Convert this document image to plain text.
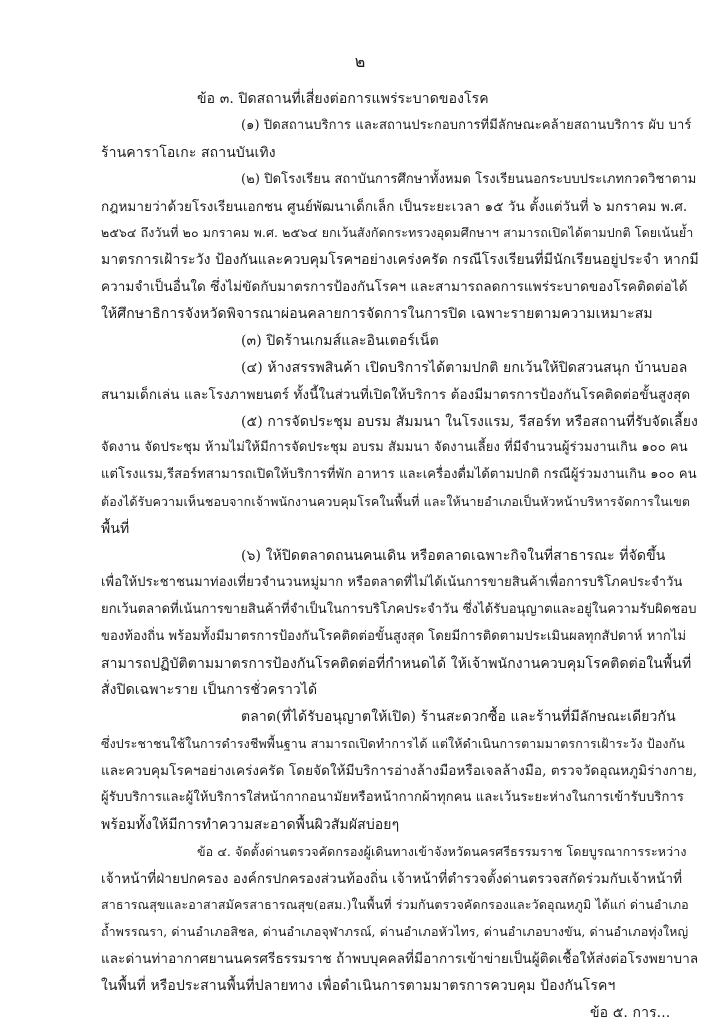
๒
ข้อ ๓. ปิดสถานที่เสี่ยงต่อการแพร่ระบาดของโรค
(๑) ปิดสถานบริการ และสถานประกอบการที่มีลักษณะคล้ายสถานบริการ ผับ บาร์
ร้านคาราโอเกะ สถานบันเทิง
(๒) ปิดโรงเรียน สถาบันการศึกษาทั้งหมด โรงเรียนนอกระบบประเภทกวดวิชาตาม
กฎหมายว่าด้วยโรงเรียนเอกชน ศูนย์พัฒนาเด็กเล็ก เป็นระยะเวลา ๑๕ วัน ตั้งแต่วันที่ ๖ มกราคม พ.ศ.
๒๕๖๔ ถึงวันที่ ๒๐ มกราคม พ.ศ. ๒๕๖๔ ยกเว้นสังกัดกระทรวงอุดมศึกษาฯ สามารถเปิดได้ตามปกติ โดยเน้นย้ำ
มาตรการเฝ้าระวัง ป้องกันและควบคุมโรคฯอย่างเคร่งครัด กรณีโรงเรียนที่มีนักเรียนอยู่ประจำ หากมี
ความจำเป็นอื่นใด ซึ่งไม่ขัดกับมาตรการป้องกันโรคฯ และสามารถลดการแพร่ระบาดของโรคติดต่อได้
ให้ศึกษาธิการจังหวัดพิจารณาผ่อนคลายการจัดการในการปิด เฉพาะรายตามความเหมาะสม
(๓) ปิดร้านเกมส์และอินเตอร์เน็ต
(๔) ห้างสรรพสินค้า เปิดบริการได้ตามปกติ ยกเว้นให้ปิดสวนสนุก บ้านบอล
สนามเด็กเล่น และโรงภาพยนตร์ ทั้งนี้ในส่วนที่เปิดให้บริการ ต้องมีมาตรการป้องกันโรคติดต่อขั้นสูงสุด
(๕) การจัดประชุม อบรม สัมมนา ในโรงแรม, รีสอร์ท หรือสถานที่รับจัดเลี้ยง
จัดงาน จัดประชุม ห้ามไม่ให้มีการจัดประชุม อบรม สัมมนา จัดงานเลี้ยง ที่มีจำนวนผู้ร่วมงานเกิน ๑๐๐ คน
แต่โรงแรม,รีสอร์ทสามารถเปิดให้บริการที่พัก อาหาร และเครื่องดื่มได้ตามปกติ กรณีผู้ร่วมงานเกิน ๑๐๐ คน
ต้องได้รับความเห็นชอบจากเจ้าพนักงานควบคุมโรคในพื้นที่ และให้นายอำเภอเป็นหัวหน้าบริหารจัดการในเขต
พื้นที่
(๖) ให้ปิดตลาดถนนคนเดิน หรือตลาดเฉพาะกิจในที่สาธารณะ ที่จัดขึ้น
เพื่อให้ประชาชนมาท่องเที่ยวจำนวนหมู่มาก หรือตลาดที่ไม่ได้เน้นการขายสินค้าเพื่อการบริโภคประจำวัน
ยกเว้นตลาดที่เน้นการขายสินค้าที่จำเป็นในการบริโภคประจำวัน ซึ่งได้รับอนุญาตและอยู่ในความรับผิดชอบ
ของท้องถิ่น พร้อมทั้งมีมาตรการป้องกันโรคติดต่อขั้นสูงสุด โดยมีการติดตามประเมินผลทุกสัปดาห์ หากไม่
สามารถปฏิบัติตามมาตรการป้องกันโรคติดต่อที่กำหนดได้ ให้เจ้าพนักงานควบคุมโรคติดต่อในพื้นที่
สั่งปิดเฉพาะราย เป็นการชั่วคราวได้
ตลาด(ที่ได้รับอนุญาตให้เปิด) ร้านสะดวกซื้อ และร้านที่มีลักษณะเดียวกัน
ซึ่งประชาชนใช้ในการดำรงชีพพื้นฐาน สามารถเปิดทำการได้ แต่ให้ดำเนินการตามมาตรการเฝ้าระวัง ป้องกัน
และควบคุมโรคฯอย่างเคร่งครัด โดยจัดให้มีบริการอ่างล้างมือหรือเจลล้างมือ, ตรวจวัดอุณหภูมิร่างกาย,
ผู้รับบริการและผู้ให้บริการใส่หน้ากากอนามัยหรือหน้ากากผ้าทุกคน และเว้นระยะห่างในการเข้ารับบริการ
พร้อมทั้งให้มีการทำความสะอาดพื้นผิวสัมผัสบ่อยๆ
ข้อ ๔. จัดตั้งด่านตรวจคัดกรองผู้เดินทางเข้าจังหวัดนครศรีธรรมราช โดยบูรณาการระหว่าง
เจ้าหน้าที่ฝ่ายปกครอง องค์กรปกครองส่วนท้องถิ่น เจ้าหน้าที่ตำรวจตั้งด่านตรวจสกัดร่วมกับเจ้าหน้าที่
สาธารณสุขและอาสาสมัครสาธารณสุข(อสม.)ในพื้นที่ ร่วมกันตรวจคัดกรองและวัดอุณหภูมิ ได้แก่ ด่านอำเภอ
ถ้ำพรรณรา, ด่านอำเภอสิชล, ด่านอำเภอจุฬาภรณ์, ด่านอำเภอหัวไทร, ด่านอำเภอบางขัน, ด่านอำเภอทุ่งใหญ่
และด่านท่าอากาศยานนครศรีธรรมราช ถ้าพบบุคคลที่มีอาการเข้าข่ายเป็นผู้ติดเชื้อให้ส่งต่อโรงพยาบาล
ในพื้นที่ หรือประสานพื้นที่ปลายทาง เพื่อดำเนินการตามมาตรการควบคุม ป้องกันโรคฯ
ข้อ ๕. การ...
